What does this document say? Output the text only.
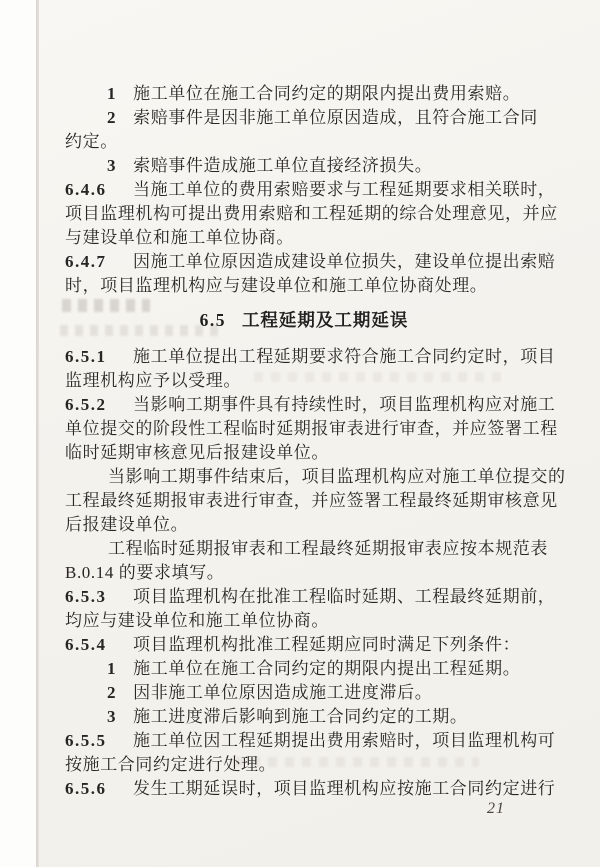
1 施工单位在施工合同约定的期限内提出费用索赔。
2 索赔事件是因非施工单位原因造成，且符合施工合同
约定。
3 索赔事件造成施工单位直接经济损失。
6.4.6 当施工单位的费用索赔要求与工程延期要求相关联时，
项目监理机构可提出费用索赔和工程延期的综合处理意见，并应
与建设单位和施工单位协商。
6.4.7 因施工单位原因造成建设单位损失，建设单位提出索赔
时，项目监理机构应与建设单位和施工单位协商处理。
6.5 工程延期及工期延误
6.5.1 施工单位提出工程延期要求符合施工合同约定时，项目
监理机构应予以受理。
6.5.2 当影响工期事件具有持续性时，项目监理机构应对施工
单位提交的阶段性工程临时延期报审表进行审查，并应签署工程
临时延期审核意见后报建设单位。
当影响工期事件结束后，项目监理机构应对施工单位提交的
工程最终延期报审表进行审查，并应签署工程最终延期审核意见
后报建设单位。
工程临时延期报审表和工程最终延期报审表应按本规范表
B.0.14 的要求填写。
6.5.3 项目监理机构在批准工程临时延期、工程最终延期前，
均应与建设单位和施工单位协商。
6.5.4 项目监理机构批准工程延期应同时满足下列条件：
1 施工单位在施工合同约定的期限内提出工程延期。
2 因非施工单位原因造成施工进度滞后。
3 施工进度滞后影响到施工合同约定的工期。
6.5.5 施工单位因工程延期提出费用索赔时，项目监理机构可
按施工合同约定进行处理。
6.5.6 发生工期延误时，项目监理机构应按施工合同约定进行
21
